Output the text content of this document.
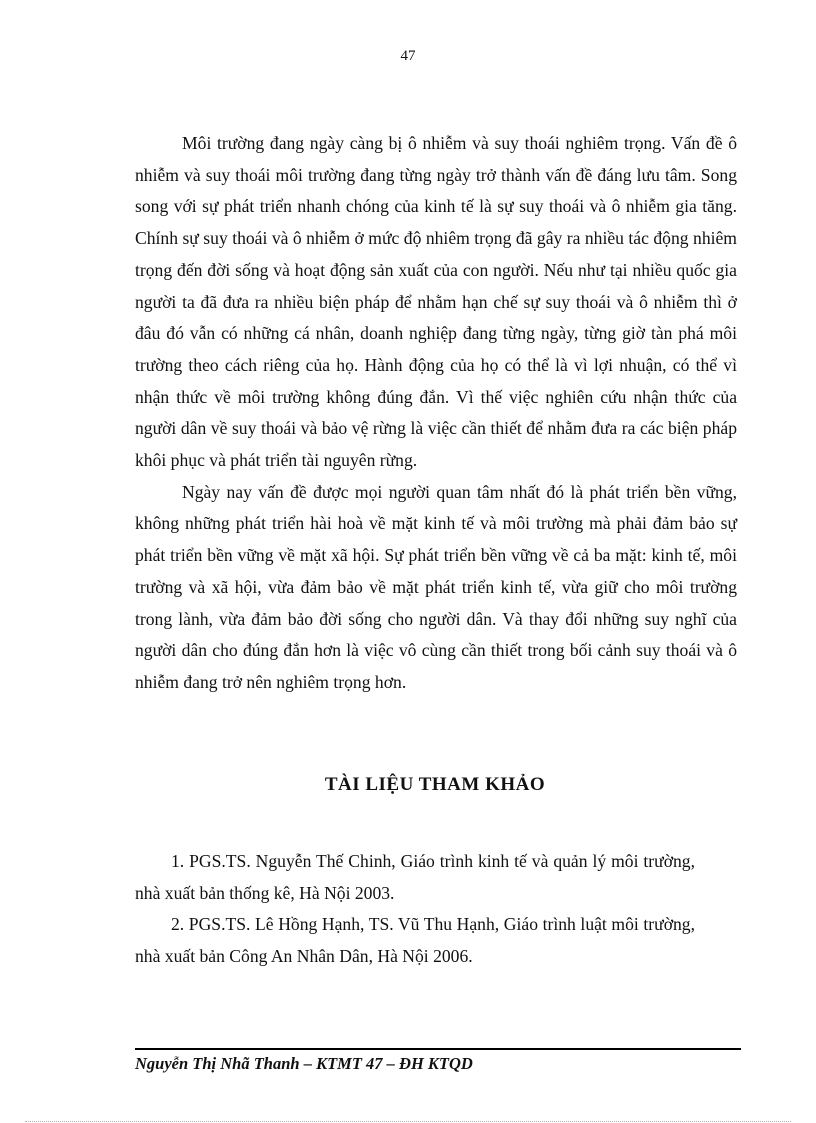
47

Môi trường đang ngày càng bị ô nhiễm và suy thoái nghiêm trọng. Vấn đề ô nhiễm và suy thoái môi trường đang từng ngày trở thành vấn đề đáng lưu tâm. Song song với sự phát triển nhanh chóng của kinh tế là sự suy thoái và ô nhiễm gia tăng. Chính sự suy thoái và ô nhiễm ở mức độ nhiêm trọng đã gây ra nhiều tác động nhiêm trọng đến đời sống và hoạt động sản xuất của con người. Nếu như tại nhiều quốc gia người ta đã đưa ra nhiều biện pháp để nhằm hạn chế sự suy thoái và ô nhiễm thì ở đâu đó vẫn có những cá nhân, doanh nghiệp đang từng ngày, từng giờ tàn phá môi trường theo cách riêng của họ. Hành động của họ có thể là vì lợi nhuận, có thể vì nhận thức về môi trường không đúng đắn. Vì thế việc nghiên cứu nhận thức của người dân về suy thoái và bảo vệ rừng là việc cần thiết để nhằm đưa ra các biện pháp khôi phục và phát triển tài nguyên rừng.

Ngày nay vấn đề được mọi người quan tâm nhất đó là phát triển bền vững, không những phát triển hài hoà về mặt kinh tế và môi trường mà phải đảm bảo sự phát triển bền vững về mặt xã hội. Sự phát triển bền vững về cả ba mặt: kinh tế, môi trường và xã hội, vừa đảm bảo về mặt phát triển kinh tế, vừa giữ cho môi trường trong lành, vừa đảm bảo đời sống cho người dân. Và thay đổi những suy nghĩ của người dân cho đúng đắn hơn là việc vô cùng cần thiết trong bối cảnh suy thoái và ô nhiễm đang trở nên nghiêm trọng hơn.

TÀI LIỆU THAM KHẢO

1. PGS.TS. Nguyễn Thế Chinh, Giáo trình kinh tế và quản lý môi trường, nhà xuất bản thống kê, Hà Nội 2003.

2. PGS.TS. Lê Hồng Hạnh, TS. Vũ Thu Hạnh, Giáo trình luật môi trường, nhà xuất bản Công An Nhân Dân, Hà Nội 2006.

Nguyễn Thị Nhã Thanh – KTMT 47 – ĐH KTQD
